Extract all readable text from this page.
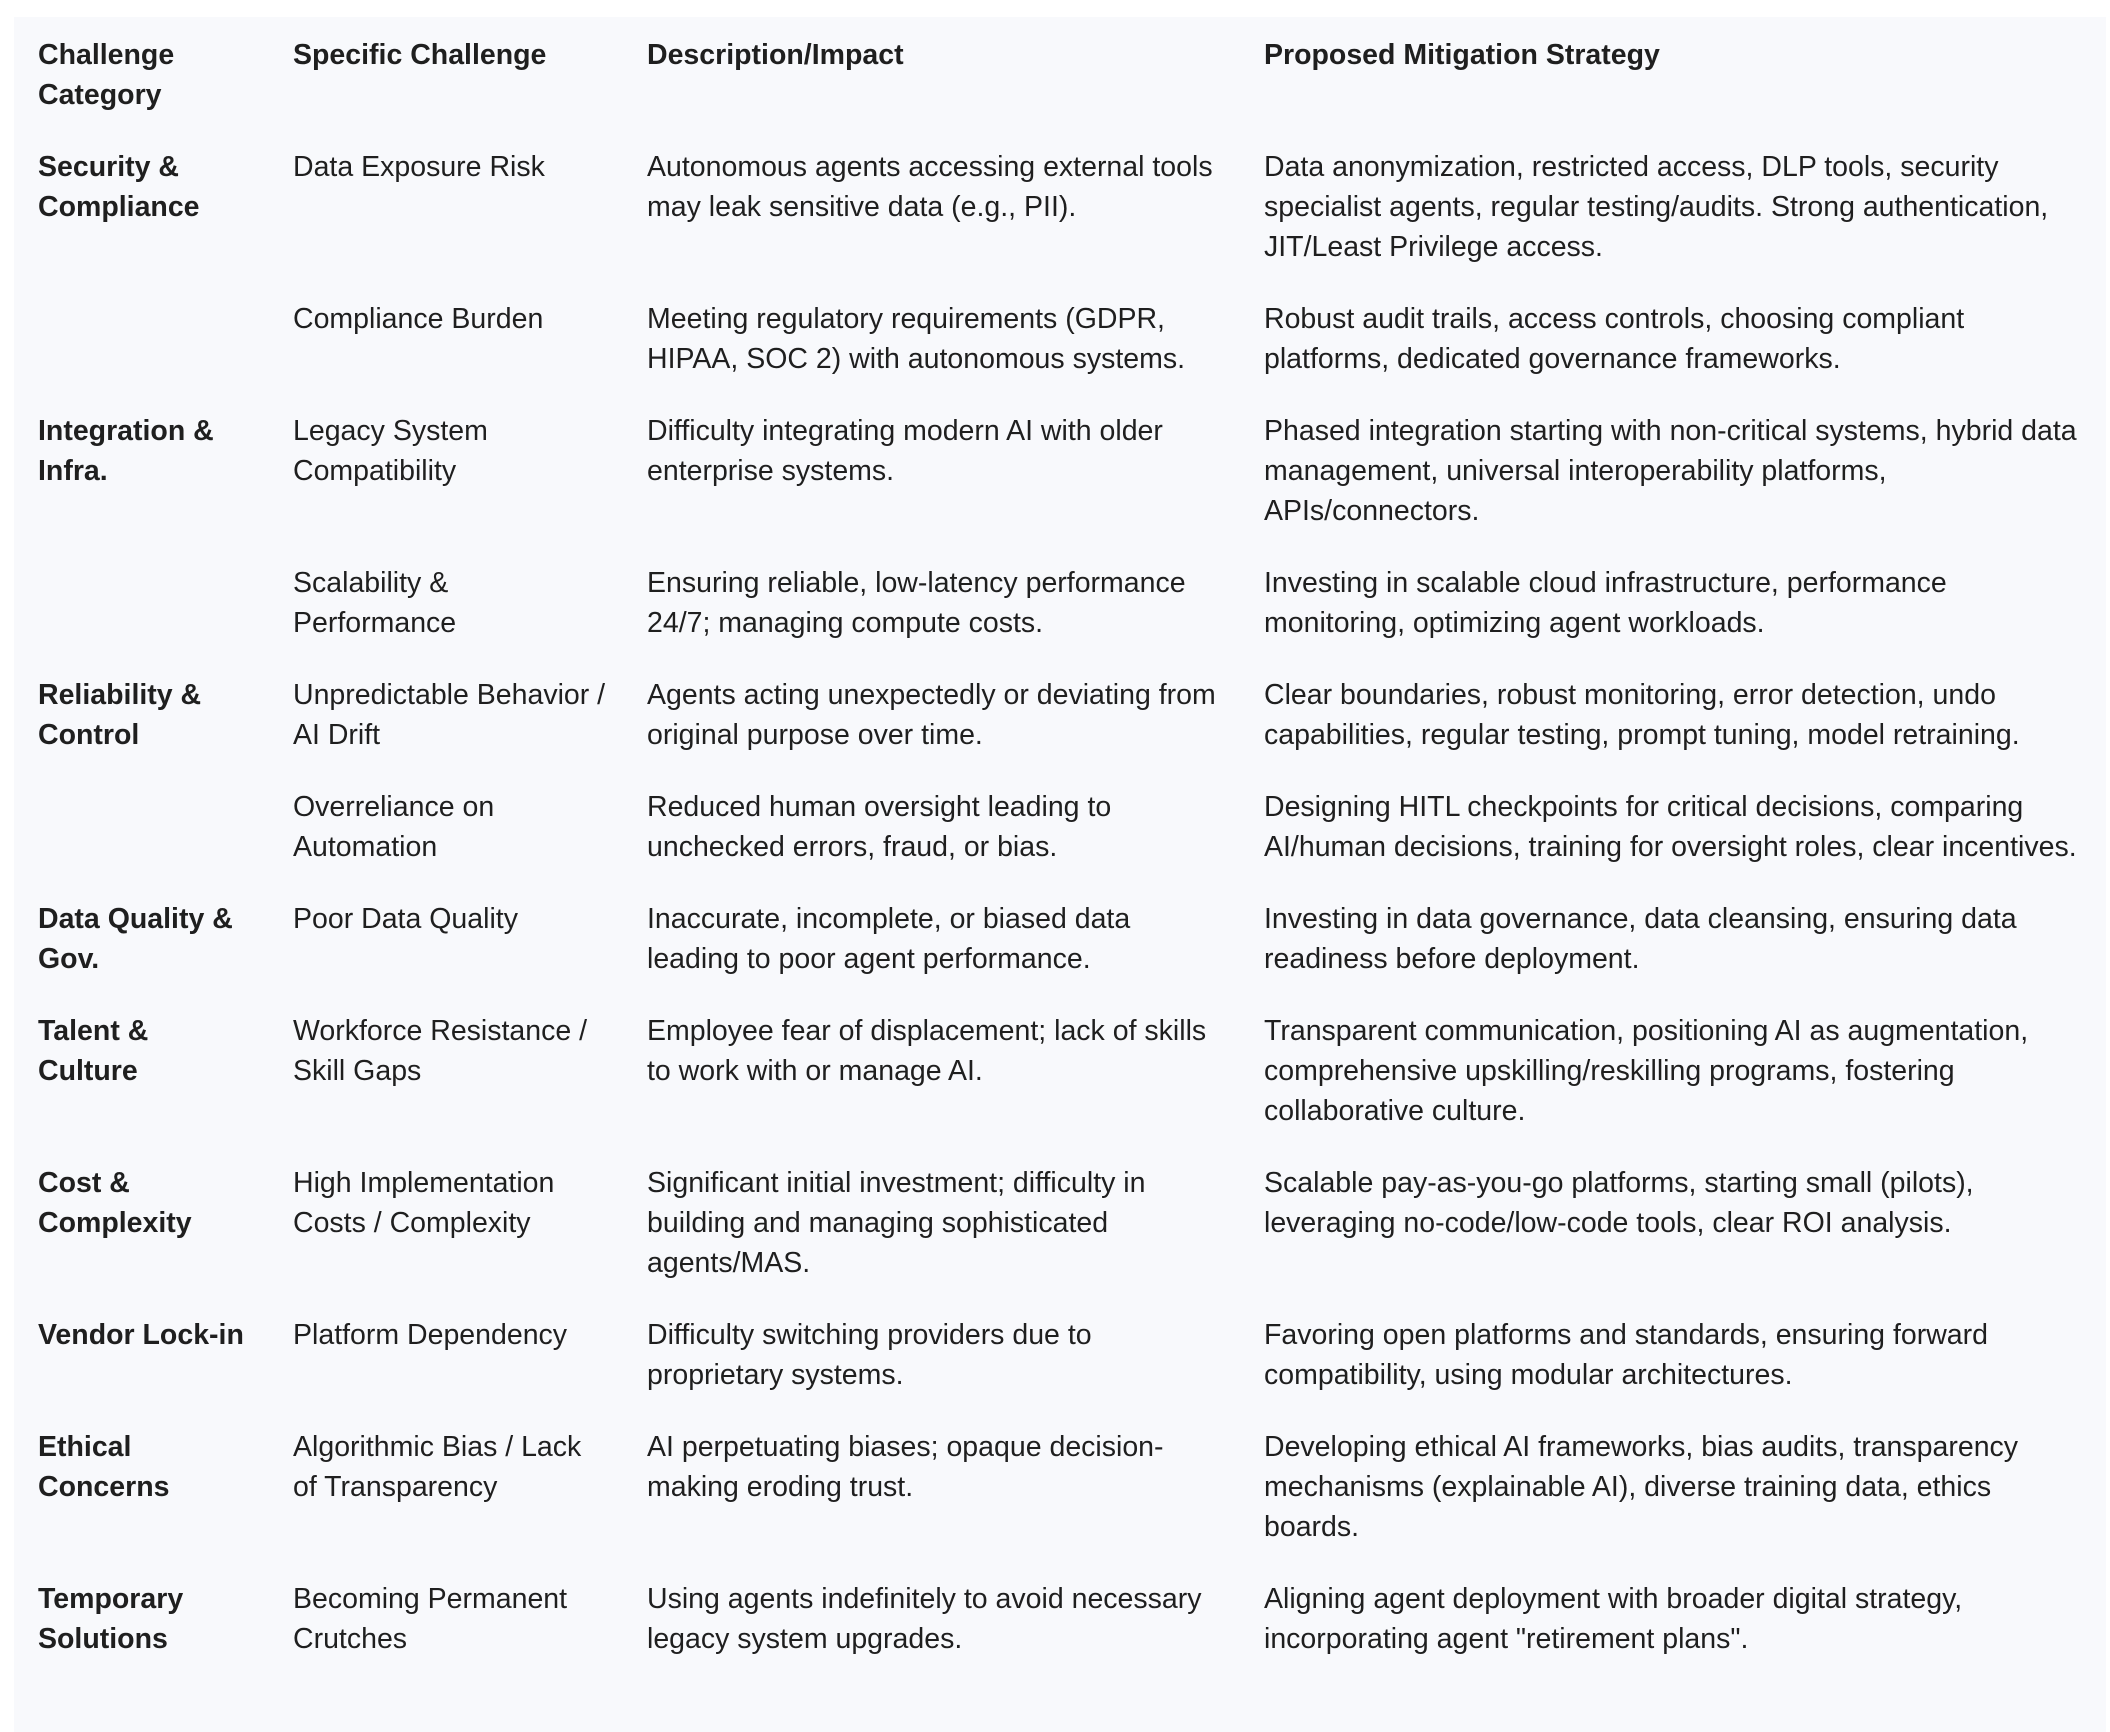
Challenge Category	Specific Challenge	Description/Impact	Proposed Mitigation Strategy
Security & Compliance	Data Exposure Risk	Autonomous agents accessing external tools may leak sensitive data (e.g., PII).	Data anonymization, restricted access, DLP tools, security specialist agents, regular testing/audits. Strong authentication, JIT/Least Privilege access.
	Compliance Burden	Meeting regulatory requirements (GDPR, HIPAA, SOC 2) with autonomous systems.	Robust audit trails, access controls, choosing compliant platforms, dedicated governance frameworks.
Integration & Infra.	Legacy System Compatibility	Difficulty integrating modern AI with older enterprise systems.	Phased integration starting with non-critical systems, hybrid data management, universal interoperability platforms, APIs/connectors.
	Scalability & Performance	Ensuring reliable, low-latency performance 24/7; managing compute costs.	Investing in scalable cloud infrastructure, performance monitoring, optimizing agent workloads.
Reliability & Control	Unpredictable Behavior / AI Drift	Agents acting unexpectedly or deviating from original purpose over time.	Clear boundaries, robust monitoring, error detection, undo capabilities, regular testing, prompt tuning, model retraining.
	Overreliance on Automation	Reduced human oversight leading to unchecked errors, fraud, or bias.	Designing HITL checkpoints for critical decisions, comparing AI/human decisions, training for oversight roles, clear incentives.
Data Quality & Gov.	Poor Data Quality	Inaccurate, incomplete, or biased data leading to poor agent performance.	Investing in data governance, data cleansing, ensuring data readiness before deployment.
Talent & Culture	Workforce Resistance / Skill Gaps	Employee fear of displacement; lack of skills to work with or manage AI.	Transparent communication, positioning AI as augmentation, comprehensive upskilling/reskilling programs, fostering collaborative culture.
Cost & Complexity	High Implementation Costs / Complexity	Significant initial investment; difficulty in building and managing sophisticated agents/MAS.	Scalable pay-as-you-go platforms, starting small (pilots), leveraging no-code/low-code tools, clear ROI analysis.
Vendor Lock-in	Platform Dependency	Difficulty switching providers due to proprietary systems.	Favoring open platforms and standards, ensuring forward compatibility, using modular architectures.
Ethical Concerns	Algorithmic Bias / Lack of Transparency	AI perpetuating biases; opaque decision-making eroding trust.	Developing ethical AI frameworks, bias audits, transparency mechanisms (explainable AI), diverse training data, ethics boards.
Temporary Solutions	Becoming Permanent Crutches	Using agents indefinitely to avoid necessary legacy system upgrades.	Aligning agent deployment with broader digital strategy, incorporating agent "retirement plans".
